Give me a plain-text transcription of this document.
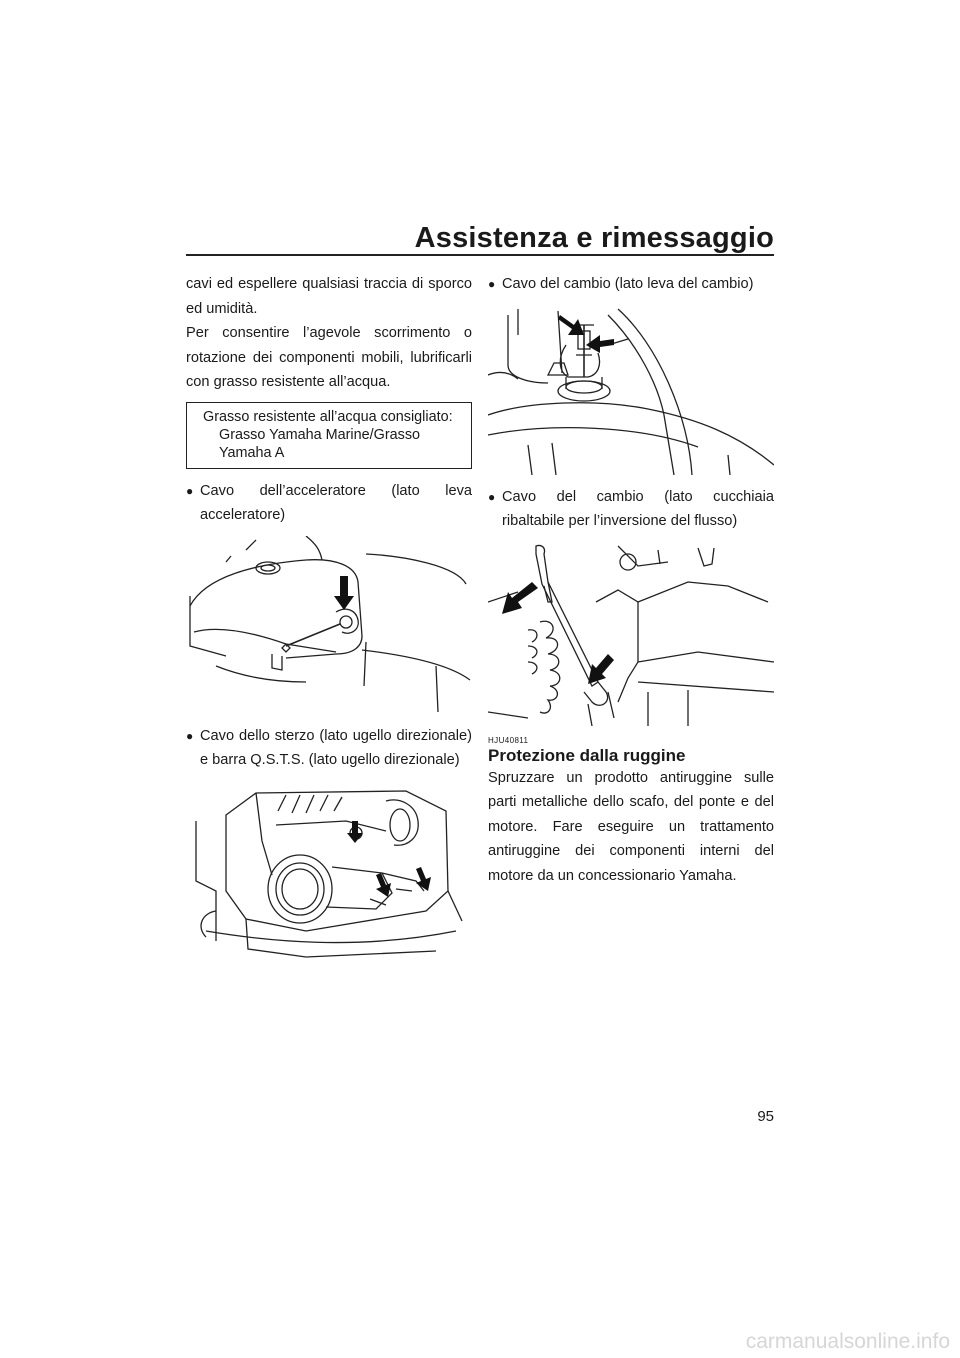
Assistenza e rimessaggio

cavi ed espellere qualsiasi traccia di sporco ed umidità.

Per consentire l’agevole scorrimento o rotazione dei componenti mobili, lubrificarli con grasso resistente all’acqua.

Grasso resistente all’acqua consigliato:
Grasso Yamaha Marine/Grasso Yamaha A
● Cavo dell’acceleratore (lato leva acceleratore)
● Cavo dello sterzo (lato ugello direzionale) e barra Q.S.T.S. (lato ugello direzionale)
● Cavo del cambio (lato leva del cambio)
● Cavo del cambio (lato cucchiaia ribaltabile per l’inversione del flusso)
HJU40811
Protezione dalla ruggine

Spruzzare un prodotto antiruggine sulle parti metalliche dello scafo, del ponte e del motore. Fare eseguire un trattamento antiruggine dei componenti interni del motore da un concessionario Yamaha.

95
carmanualsonline.info
